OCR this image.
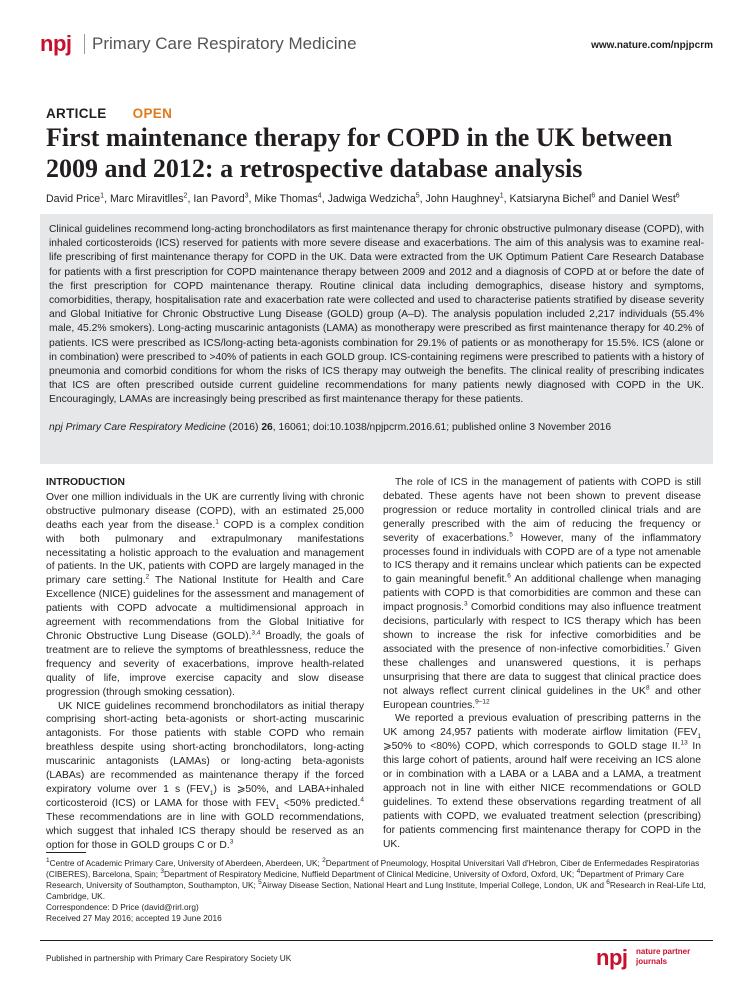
npj Primary Care Respiratory Medicine	www.nature.com/npjpcrm
ARTICLE OPEN
First maintenance therapy for COPD in the UK between 2009 and 2012: a retrospective database analysis
David Price$^1$, Marc Miravitlles$^2$, Ian Pavord$^3$, Mike Thomas$^4$, Jadwiga Wedzicha$^5$, John Haughney$^1$, Katsiaryna Bichel$^6$ and Daniel West$^6$

Clinical guidelines recommend long-acting bronchodilators as first maintenance therapy for chronic obstructive pulmonary disease (COPD), with inhaled corticosteroids (ICS) reserved for patients with more severe disease and exacerbations. The aim of this analysis was to examine real-life prescribing of first maintenance therapy for COPD in the UK. Data were extracted from the UK Optimum Patient Care Research Database for patients with a first prescription for COPD maintenance therapy between 2009 and 2012 and a diagnosis of COPD at or before the date of the first prescription for COPD maintenance therapy. Routine clinical data including demographics, disease history and symptoms, comorbidities, therapy, hospitalisation rate and exacerbation rate were collected and used to characterise patients stratified by disease severity and Global Initiative for Chronic Obstructive Lung Disease (GOLD) group (A–D). The analysis population included 2,217 individuals (55.4% male, 45.2% smokers). Long-acting muscarinic antagonists (LAMA) as monotherapy were prescribed as first maintenance therapy for 40.2% of patients. ICS were prescribed as ICS/long-acting beta-agonists combination for 29.1% of patients or as monotherapy for 15.5%. ICS (alone or in combination) were prescribed to >40% of patients in each GOLD group. ICS-containing regimens were prescribed to patients with a history of pneumonia and comorbid conditions for whom the risks of ICS therapy may outweigh the benefits. The clinical reality of prescribing indicates that ICS are often prescribed outside current guideline recommendations for many patients newly diagnosed with COPD in the UK. Encouragingly, LAMAs are increasingly being prescribed as first maintenance therapy for these patients.

npj Primary Care Respiratory Medicine (2016) 26, 16061; doi:10.1038/npjpcrm.2016.61; published online 3 November 2016

INTRODUCTION

Over one million individuals in the UK are currently living with chronic obstructive pulmonary disease (COPD), with an estimated 25,000 deaths each year from the disease.$^1$ COPD is a complex condition with both pulmonary and extrapulmonary manifestations necessitating a holistic approach to the evaluation and management of patients. In the UK, patients with COPD are largely managed in the primary care setting.$^2$ The National Institute for Health and Care Excellence (NICE) guidelines for the assessment and management of patients with COPD advocate a multidimensional approach in agreement with recommendations from the Global Initiative for Chronic Obstructive Lung Disease (GOLD).$^{3,4}$ Broadly, the goals of treatment are to relieve the symptoms of breathlessness, reduce the frequency and severity of exacerbations, improve health-related quality of life, improve exercise capacity and slow disease progression (through smoking cessation).

UK NICE guidelines recommend bronchodilators as initial therapy comprising short-acting beta-agonists or short-acting muscarinic antagonists. For those patients with stable COPD who remain breathless despite using short-acting bronchodilators, long-acting muscarinic antagonists (LAMAs) or long-acting beta-agonists (LABAs) are recommended as maintenance therapy if the forced expiratory volume over 1 s $(FEV_1)$ is ⩾50%, and LABA+inhaled corticosteroid (ICS) or LAMA for those with $FEV_1 <50\%$ predicted.$^4$ These recommendations are in line with GOLD recommendations, which suggest that inhaled ICS therapy should be reserved as an option for those in GOLD groups C or D.$^3$

The role of ICS in the management of patients with COPD is still debated. These agents have not been shown to prevent disease progression or reduce mortality in controlled clinical trials and are generally prescribed with the aim of reducing the frequency or severity of exacerbations.$^5$ However, many of the inflammatory processes found in individuals with COPD are of a type not amenable to ICS therapy and it remains unclear which patients can be expected to gain meaningful benefit.$^6$ An additional challenge when managing patients with COPD is that comorbidities are common and these can impact prognosis.$^3$ Comorbid conditions may also influence treatment decisions, particularly with respect to ICS therapy which has been shown to increase the risk for infective comorbidities and be associated with the presence of non-infective comorbidities.$^7$ Given these challenges and unanswered questions, it is perhaps unsurprising that there are data to suggest that clinical practice does not always reflect current clinical guidelines in the $UK^8$ and other European countries.$^{9-12}$

We reported a previous evaluation of prescribing patterns in the UK among 24,957 patients with moderate airflow limitation ($FEV_1$ ⩾50% to <80%) COPD, which corresponds to GOLD stage II.$^{13}$ In this large cohort of patients, around half were receiving an ICS alone or in combination with a LABA or a LABA and a LAMA, a treatment approach not in line with either NICE recommendations or GOLD guidelines. To extend these observations regarding treatment of all patients with COPD, we evaluated treatment selection (prescribing) for patients commencing first maintenance therapy for COPD in the UK.

$^1$Centre of Academic Primary Care, University of Aberdeen, Aberdeen, UK; $^2$Department of Pneumology, Hospital Universitari Vall d'Hebron, Ciber de Enfermedades Respiratorias (CIBERES), Barcelona, Spain; $^3$Department of Respiratory Medicine, Nuffield Department of Clinical Medicine, University of Oxford, Oxford, UK; $^4$Department of Primary Care Research, University of Southampton, Southampton, UK; $^5$Airway Disease Section, National Heart and Lung Institute, Imperial College, London, UK and $^6$Research in Real-Life Ltd, Cambridge, UK.

Correspondence: D Price (david@rirl.org)

Received 27 May 2016; accepted 19 June 2016

Published in partnership with Primary Care Respiratory Society UK	npj nature partner
journals
